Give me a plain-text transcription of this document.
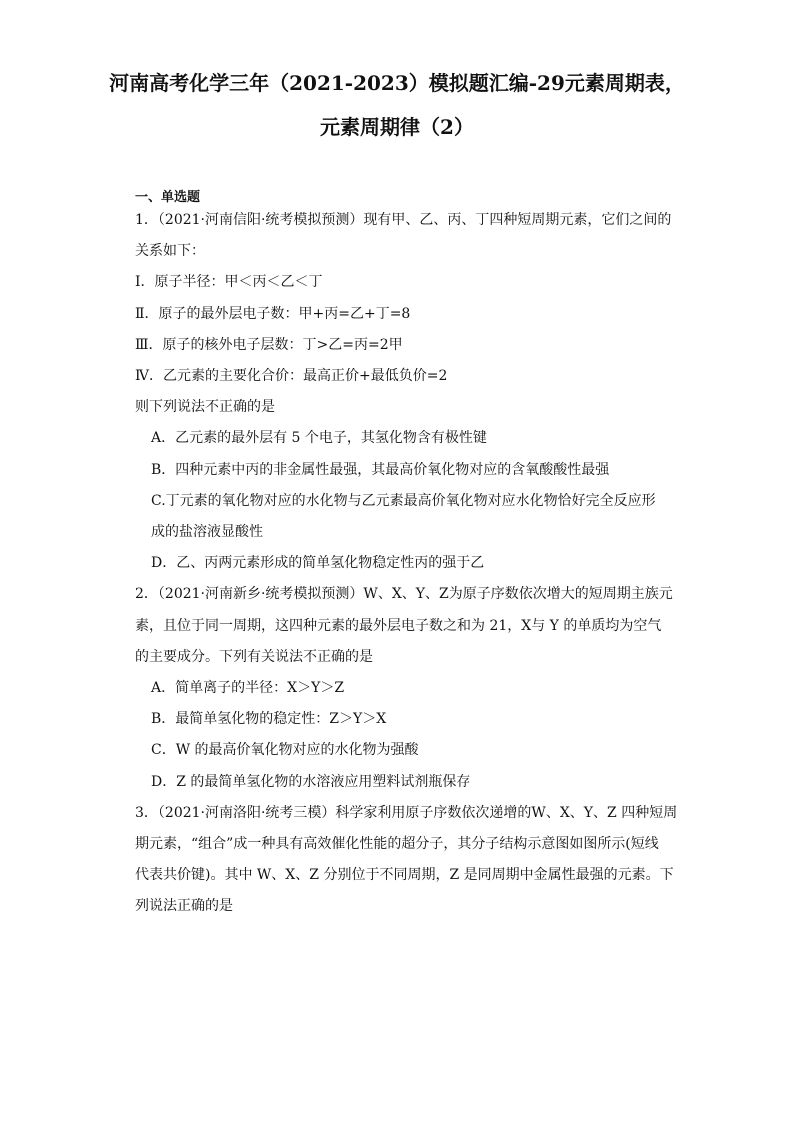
河南高考化学三年（2021-2023）模拟题汇编-29元素周期表，
元素周期律（2）
一、单选题

1．（2021·河南信阳·统考模拟预测）现有甲、乙、丙、丁四种短周期元素，它们之间的

关系如下：

Ⅰ．原子半径：甲＜丙＜乙＜丁

Ⅱ．原子的最外层电子数：甲+丙=乙+丁=8

Ⅲ．原子的核外电子层数：丁>乙=丙=2甲

Ⅳ．乙元素的主要化合价：最高正价+最低负价=2

则下列说法不正确的是

A．乙元素的最外层有 5 个电子，其氢化物含有极性键

B．四种元素中丙的非金属性最强，其最高价氧化物对应的含氧酸酸性最强

C.丁元素的氧化物对应的水化物与乙元素最高价氧化物对应水化物恰好完全反应形

成的盐溶液显酸性

D．乙、丙两元素形成的简单氢化物稳定性丙的强于乙

2．（2021·河南新乡·统考模拟预测）W、X、Y、Z为原子序数依次增大的短周期主族元

素，且位于同一周期，这四种元素的最外层电子数之和为 21，X与 Y 的单质均为空气

的主要成分。下列有关说法不正确的是

A．简单离子的半径：X＞Y＞Z

B．最简单氢化物的稳定性：Z＞Y＞X

C．W 的最高价氧化物对应的水化物为强酸

D．Z 的最简单氢化物的水溶液应用塑料试剂瓶保存

3．（2021·河南洛阳·统考三模）科学家利用原子序数依次递增的W、X、Y、Z 四种短周

期元素，“组合”成一种具有高效催化性能的超分子，其分子结构示意图如图所示(短线

代表共价键)。其中 W、X、Z 分别位于不同周期，Z 是同周期中金属性最强的元素。下

列说法正确的是
